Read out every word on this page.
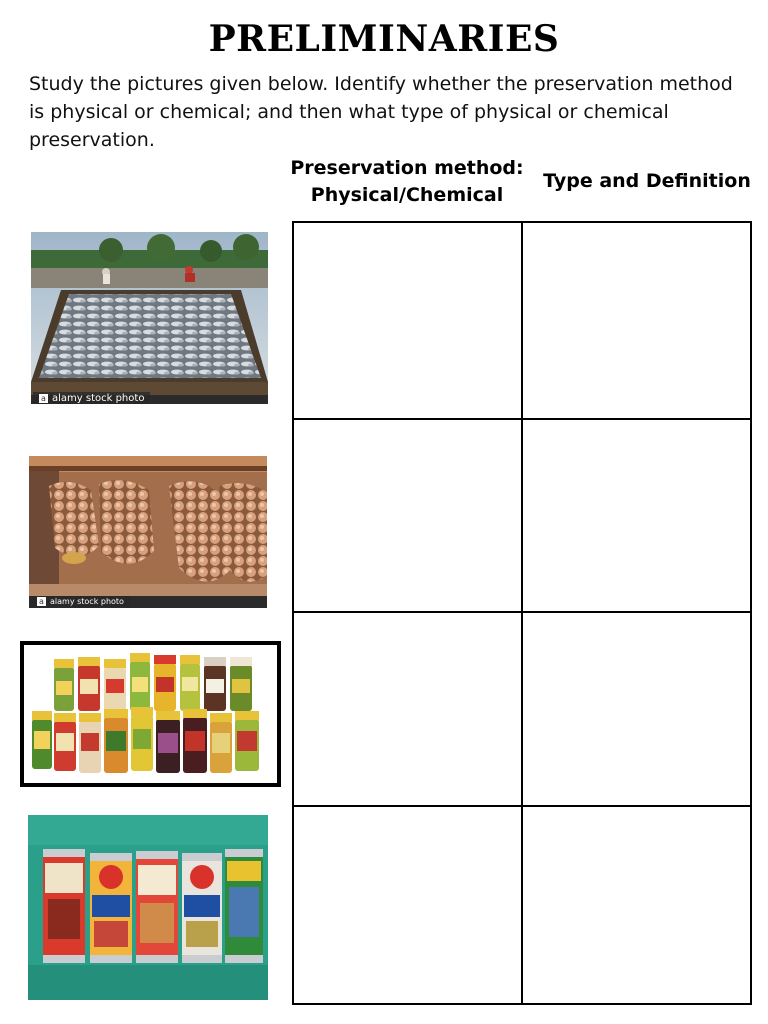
PRELIMINARIES
Study the pictures given below. Identify whether the preservation method is physical or chemical; and then what type of physical or chemical preservation.
Preservation method:
Physical/Chemical
Type and Definition
a alamy stock photo
a alamy stock photo
